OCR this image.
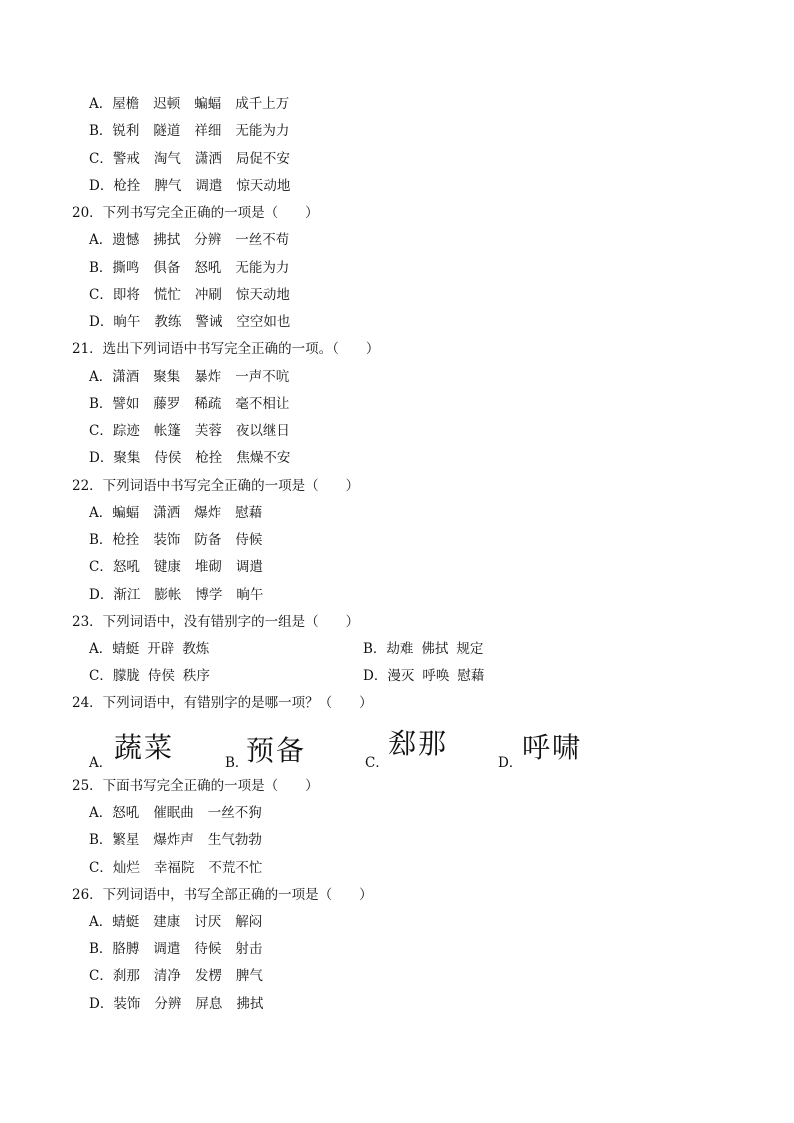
A．屋檐 迟顿 蝙蝠 成千上万
B．锐利 隧道 祥细 无能为力
C．警戒 淘气 潇洒 局促不安
D．枪拴 脾气 调遣 惊天动地
20．下列书写完全正确的一项是（　　）
A．遗憾 拂拭 分辨 一丝不苟
B．撕鸣 俱备 怒吼 无能为力
C．即将 慌忙 冲刷 惊天动地
D．晌午 教练 警诫 空空如也
21．选出下列词语中书写完全正确的一项。（　　）
A．潇酒 聚集 暴炸 一声不吭
B．譬如 藤罗 稀疏 毫不相让
C．踪迹 帐篷 芙蓉 夜以继日
D．聚集 侍侯 枪拴 焦燥不安
22．下列词语中书写完全正确的一项是（　　）
A．蝙蝠 潇洒 爆炸 慰藉
B．枪拴 装饰 防备 侍候
C．怒吼 键康 堆砌 调遣
D．渐江 膨帐 博学 晌午
23．下列词语中，没有错别字的一组是（　　）
A．蜻蜓 开辟 教炼	B．劫难 佛拭 规定
C．朦胧 侍侯 秩序	D．漫灭 呼唤 慰藉
24．下列词语中，有错别字的是哪一项？（　　）
A． 蔬菜	B．
预备	C．
郄那
D． 呼啸
25．下面书写完全正确的一项是（　　）
A．怒吼 催眠曲 一丝不狗
B．繁星 爆炸声 生气勃勃
C．灿烂 幸福院 不荒不忙
26．下列词语中，书写全部正确的一项是（　　）
A．蜻蜓 建康 讨厌 解闷
B．胳膊 调遣 待候 射击
C．刹那 清净 发楞 脾气
D．装饰 分辨 屏息 拂拭
